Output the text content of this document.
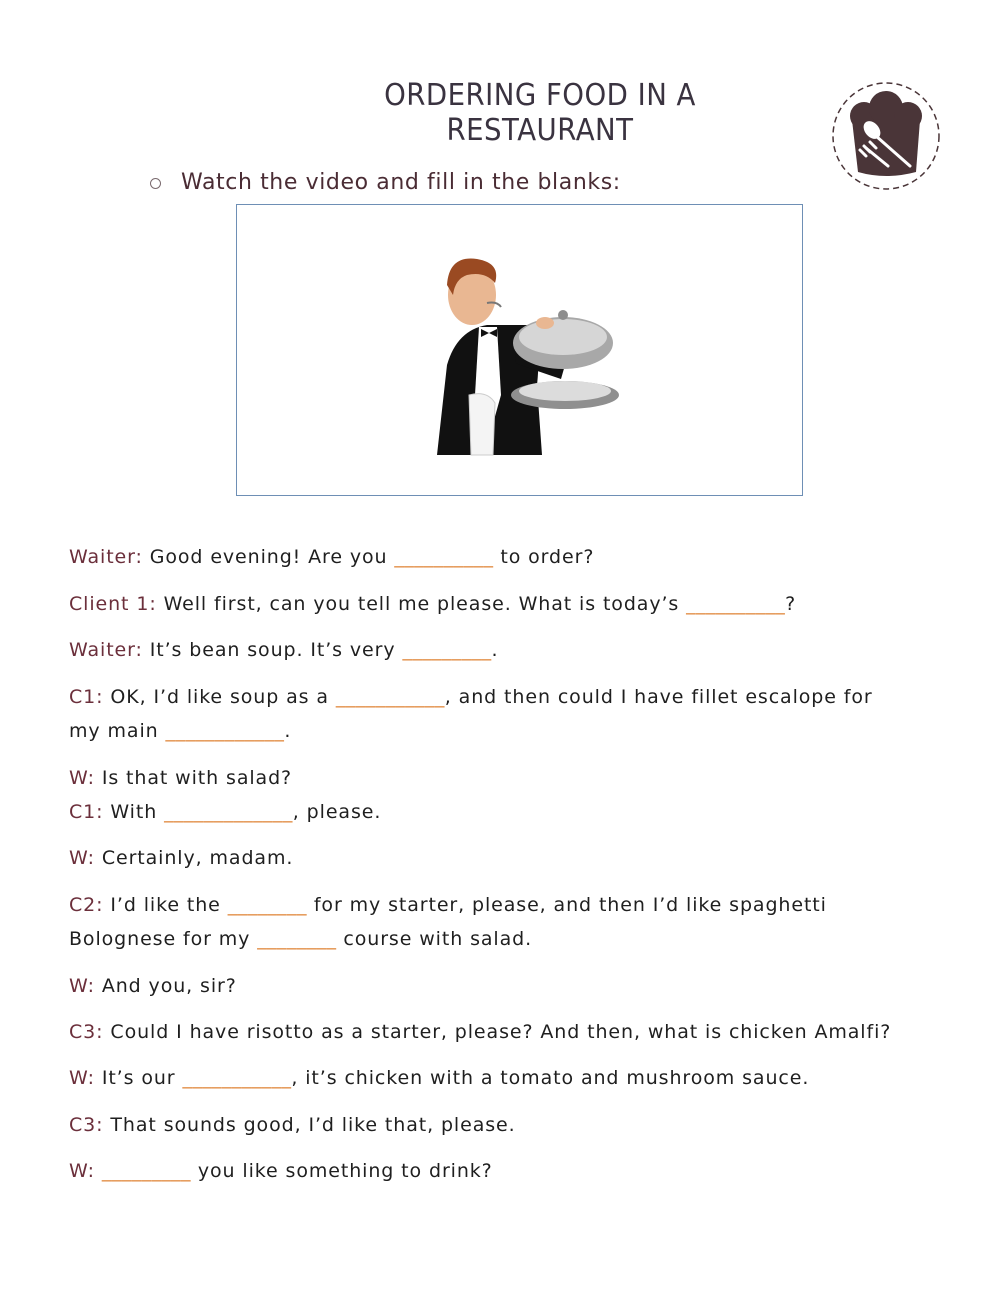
ORDERING FOOD IN A RESTAURANT
Watch the video and fill in the blanks:
Waiter: Good evening! Are you __________ to order?
Client 1: Well first, can you tell me please. What is today’s __________?
Waiter: It’s bean soup. It’s very _________.
C1: OK, I’d like soup as a ___________, and then could I have fillet escalope for
my main ____________.
W: Is that with salad?
C1: With _____________, please.
W: Certainly, madam.
C2: I’d like the ________ for my starter, please, and then I’d like spaghetti
Bolognese for my ________ course with salad.
W: And you, sir?
C3: Could I have risotto as a starter, please? And then, what is chicken Amalfi?
W: It’s our ___________, it’s chicken with a tomato and mushroom sauce.
C3: That sounds good, I’d like that, please.
W: _________ you like something to drink?
